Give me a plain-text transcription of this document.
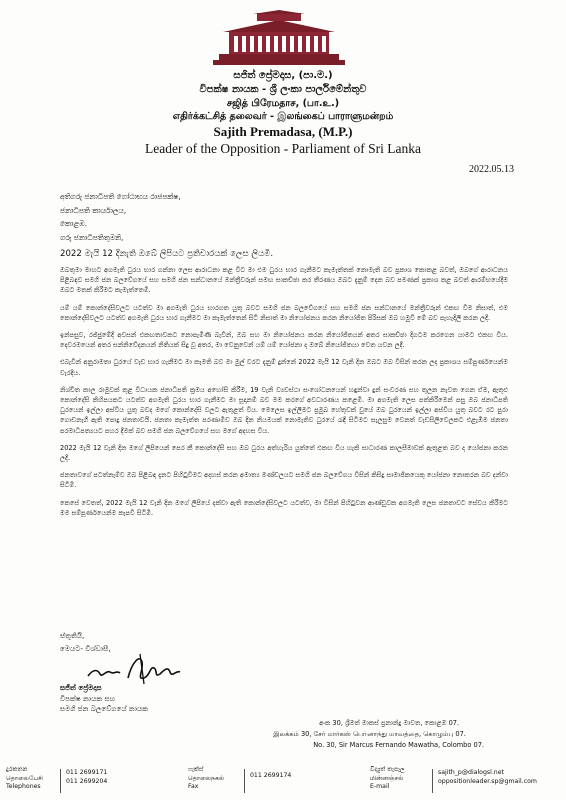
සජිත් ප්‍රේමදාස, (පා.ම.)
විපක්ෂ නායක - ශ්‍රී ලංකා පාර්ලිමේන්තුව
சஜித் பிரேமதாச, (பா.உ.)
எதிர்க்கட்சித் தலைவர் - இலங்கைப் பாராளுமன்றம்
Sajith Premadasa, (M.P.)
Leader of the Opposition - Parliament of Sri Lanka
2022.05.13
අතිගරු ජනාධිපති ගෝඨාභය රාජපක්ෂ,
ජනාධිපති කාර්යාලය,
කොළඹ.
ගරු ජනාධිපතිතුමනි,
2022 මැයි 12 දිනැති ඔබේ ලිපියට ප්‍රතිචාරයක් ලෙස ලියමි.

ඔබතුමා මාහට අගමැති ධුරය භාර ගන්නා ලෙස ආරාධනා කළ විට මා එම ධුරය භාර ගැනීමට කැමැත්තක් නොමැති බව ප්‍රකාශ කොකළ බවත්, ඔබගේ ආරාධනය පිළිබඳව සමගි ජන බලවේගයේ සහ සමගි ජන සන්ධානයේ මන්ත්‍රීවරුන් සමඟ සාකච්ඡා කර තීරණය ඔබට දැනුම් දෙන බව පමණක් ප්‍රකාශ කළ බවත් ආරම්භයේදීම ඔබට මතක් කිරීමට කැමැත්තෙමි.

යම් යම් කොන්දේසිවලට යටත්ව මා අගමැති ධුරය භාරගත යුතු බවට සමගි ජන බලවේගයේ සහ සමගි ජන සන්ධානයේ මන්ත්‍රීවරුන් එකඟ වීම නිසාත්, එම කොන්දේසිවලට යටත්ව අගමැති ධුරය භාර ගැනීමට මා කැමැත්තෙන් සිටි නිසාත් මා නියෝජනය කරන නියෝජිත පිරිසක් ඔබ හමුවී මේ බව පැහැදිලි කරන ලදී.

ඉන්පසුව, රජ්ජුමේදී අවසන් එකඟතාවකට නොපැමිණි බැවින්, ඔබ සහ මා නියෝජනය කරන නියෝජිතයන් අතර සාකච්ඡා දිගටම කරගෙන යාමට එකඟ විය. දෙවරමයෙන් අතර සන්නිවේදනයන් නිතියක් සිදු වූ අතර, මා වෙනුවෙන් යම් යම් යෝජනා ද ඔබේ නියෝජිතයා වෙත යවන ලදී.

එබැවින් අනුරාමතා ධුරයේ වැඩ භාර ගැනීමට මා කැමති බව මා මුල් වරට දැනුම් දුන්නේ 2022 මැයි 12 වැනි දින ඔබට ඔබ විසින් කරන ලද ප්‍රකාශය සම්පූර්ණයෙන්ම වැරදිය.

නිශ්චිත කාල රාමුවක් තුළ විධායක ජනාධිපති ක්‍රමය අහෝසි කිරීම, 19 වැනි ව්‍යවස්ථා සංශෝධනයෙන් හඳුන්වා දුන් සංවරණ සහ තුලන නැවත ගෙන ඒම, ඇතුළු කොන්දේසි කිහිපයකට යටත්ව අගමැති ධුරය භාර ගැනීමට මා සූදානම් බව මම කරගේ අවධාරණය කළෙමි. මා අගමැති ලෙස පත්කිරීමෙන් පසු ඔබ ජනාධිපති ධුරයෙන් ඉල්ලා අස්විය යුතු බවද මගේ කොන්දේසි වලට ඇතුළත් විය. මෙලෙස ඉල්ලීමට ප්‍රමුඛ හේතුවක් වුයේ ඔබ ධුරයෙන් ඉල්ලා අස්විය යුතු බවට රට පුරා ගොඩනැගී ඇති පොදු ජනතාවයි. ජනතා කැමැත්ත පරණාමිව ඔබ දින නියමයක් නොමැතිව ධුරයේ රැඳී සිටීමට සැලසුම වෙනත් වැඩසිලිවෙලකට එළැඹීම ජනතා පරමාධිපත්‍යයට පහර දීමක් බව සමගි ජන බලවේගයේ සහ මගේ අදහස විය.

2022 මැයි 12 වැනි දින මගේ ලිපියෙන් පෙර කී කොන්දේසි සහ ඔබ ධුරය අත්හැරිය යුත්තේ එකඟ විය හැකි සාධාරණ කාලසීමාවක් ඇතුළත බව ද යෝජනා කරන ලදී.

ජනතාවගේ පටත්නැම්ව ඔබ පිළිබඳ දැනට පිහිටුවීමට අදහස් කරන අමාත්‍ය මණ්ඩලයට සමගි ජන බලවේගය විසින් කිසිදු සාමාජිකයෙකු යෝජනා නොකරන බව දන්වා සිටිමි.

කෙසේ වෙතත්, 2022 මැයි 12 වැනි දින මගේ ලිපියේ දක්වා ඇති කොන්දේසිවලට යටත්ව, මා විසින් පිහිටුවන ආණ්ඩුවක අගමැති ලෙස ජනතාවට සේවය කිරීමට මම සම්පූර්ණයෙන්ම කැපවී සිටිමි.

ස්තූතියි,
මෙයට- විශ්වාසී,
සජිත් ප්‍රේමදාස
විපක්ෂ නායක සහ
සමගි ජන බලවේගයේ නායක
අංක 30, ශ්‍රීමත් මාකස් ප්‍රනාන්දු මාවත, කොළඹ 07.
இலக்கம் 30, சேர் மார்கஸ் பொ்னாந்து மாவத்தை, கொழும்பு 07.
No. 30, Sir Marcus Fernando Mawatha, Colombo 07.
දුරකතන
தொலைபேசி
Telephones
011 2699171
011 2699204
ෆැක්ස්
தொலைநகல்
Fax
011 2699174
විද්‍යුත් තැපෑල
மின்னஞ்சல்
E-mail
sajith_p@dialogsl.net
oppositionleader.sp@gmail.com
